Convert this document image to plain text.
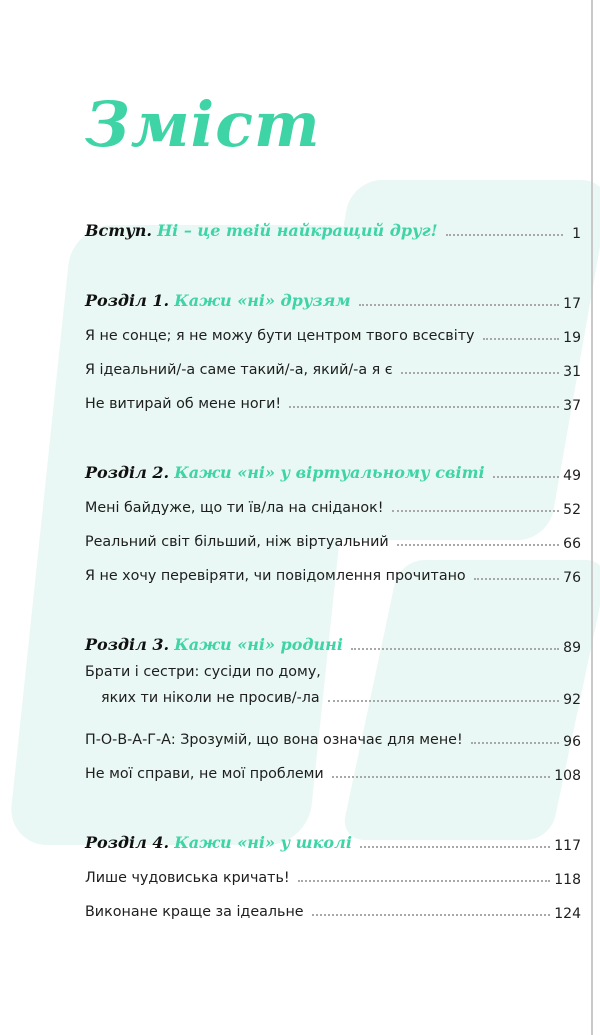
Зміст
Вступ. Ні – це твій найкращий друг!	1
Розділ 1. Кажи «ні» друзям	17
Я не сонце; я не можу бути центром твого всесвіту	19
Я ідеальний/-а саме такий/-а, який/-а я є	31
Не витирай об мене ноги!	37
Розділ 2. Кажи «ні» у віртуальному світі	49
Мені байдуже, що ти їв/ла на сніданок!	52
Реальний світ більший, ніж віртуальний	66
Я не хочу перевіряти, чи повідомлення прочитано	76
Розділ 3. Кажи «ні» родині	89
Брати і сестри: сусіди по дому,
яких ти ніколи не просив/-ла	92
П-О-В-А-Г-А: Зрозумій, що вона означає для мене!	96
Не мої справи, не мої проблеми	108
Розділ 4. Кажи «ні» у школі	117
Лише чудовиська кричать!	118
Виконане краще за ідеальне	124
